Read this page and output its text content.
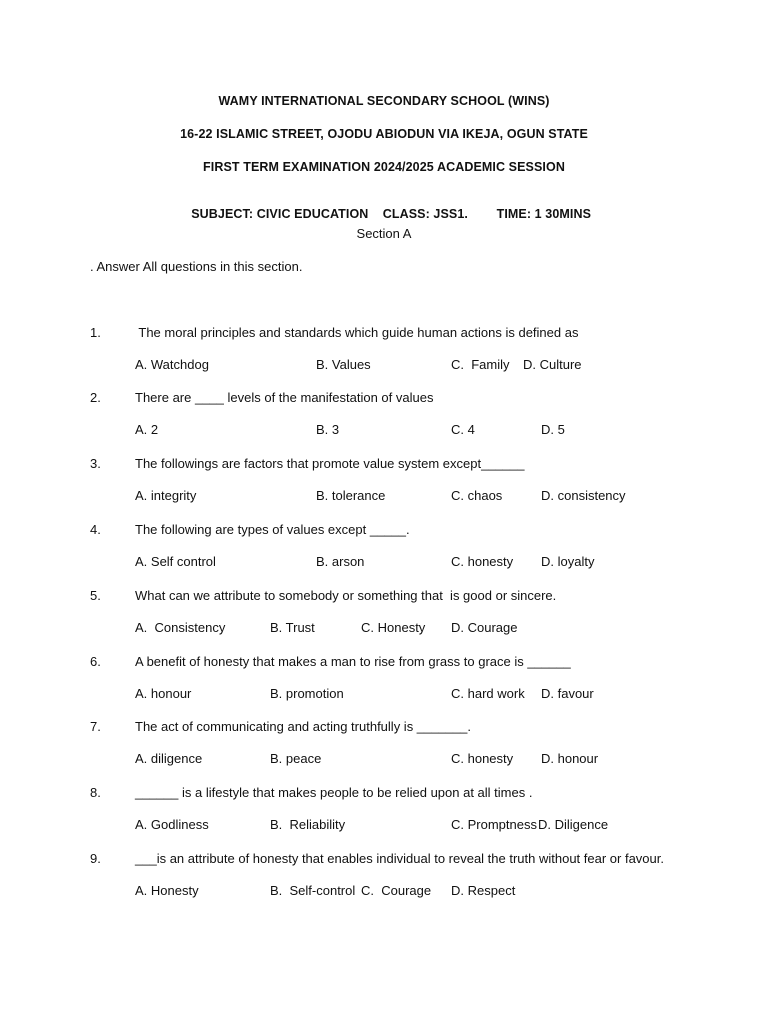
WAMY INTERNATIONAL SECONDARY SCHOOL (WINS)
16-22 ISLAMIC STREET, OJODU ABIODUN VIA IKEJA, OGUN STATE
FIRST TERM EXAMINATION 2024/2025 ACADEMIC SESSION

SUBJECT: CIVIC EDUCATION CLASS: JSS1. TIME: 1 30MINS

Section A
. Answer All questions in this section.
1.	The moral principles and standards which guide human actions is defined as
A. Watchdog	B. Values	C.  Family D. Culture
2.	There are ____ levels of the manifestation of values
A. 2	B. 3	C. 4	D. 5
3.	The followings are factors that promote value system except______
A. integrity	B. tolerance	C. chaos	D. consistency
4.	The following are types of values except _____.
A. Self control	B. arson	C. honesty D. loyalty
5.	What can we attribute to somebody or something that  is good or sincere.
A.  Consistency	B. Trust	C. Honesty D. Courage
6.	A benefit of honesty that makes a man to rise from grass to grace is ______
A. honour	B. promotion	C. hard work D. favour
7.	The act of communicating and acting truthfully is _______.
A. diligence	B. peace	C. honesty D. honour
8.	______ is a lifestyle that makes people to be relied upon at all times .
A. Godliness	B.  Reliability	C. Promptness D. Diligence
9.	___is an attribute of honesty that enables individual to reveal the truth without fear or favour.
A. Honesty	B.  Self-control C.  Courage D. Respect
